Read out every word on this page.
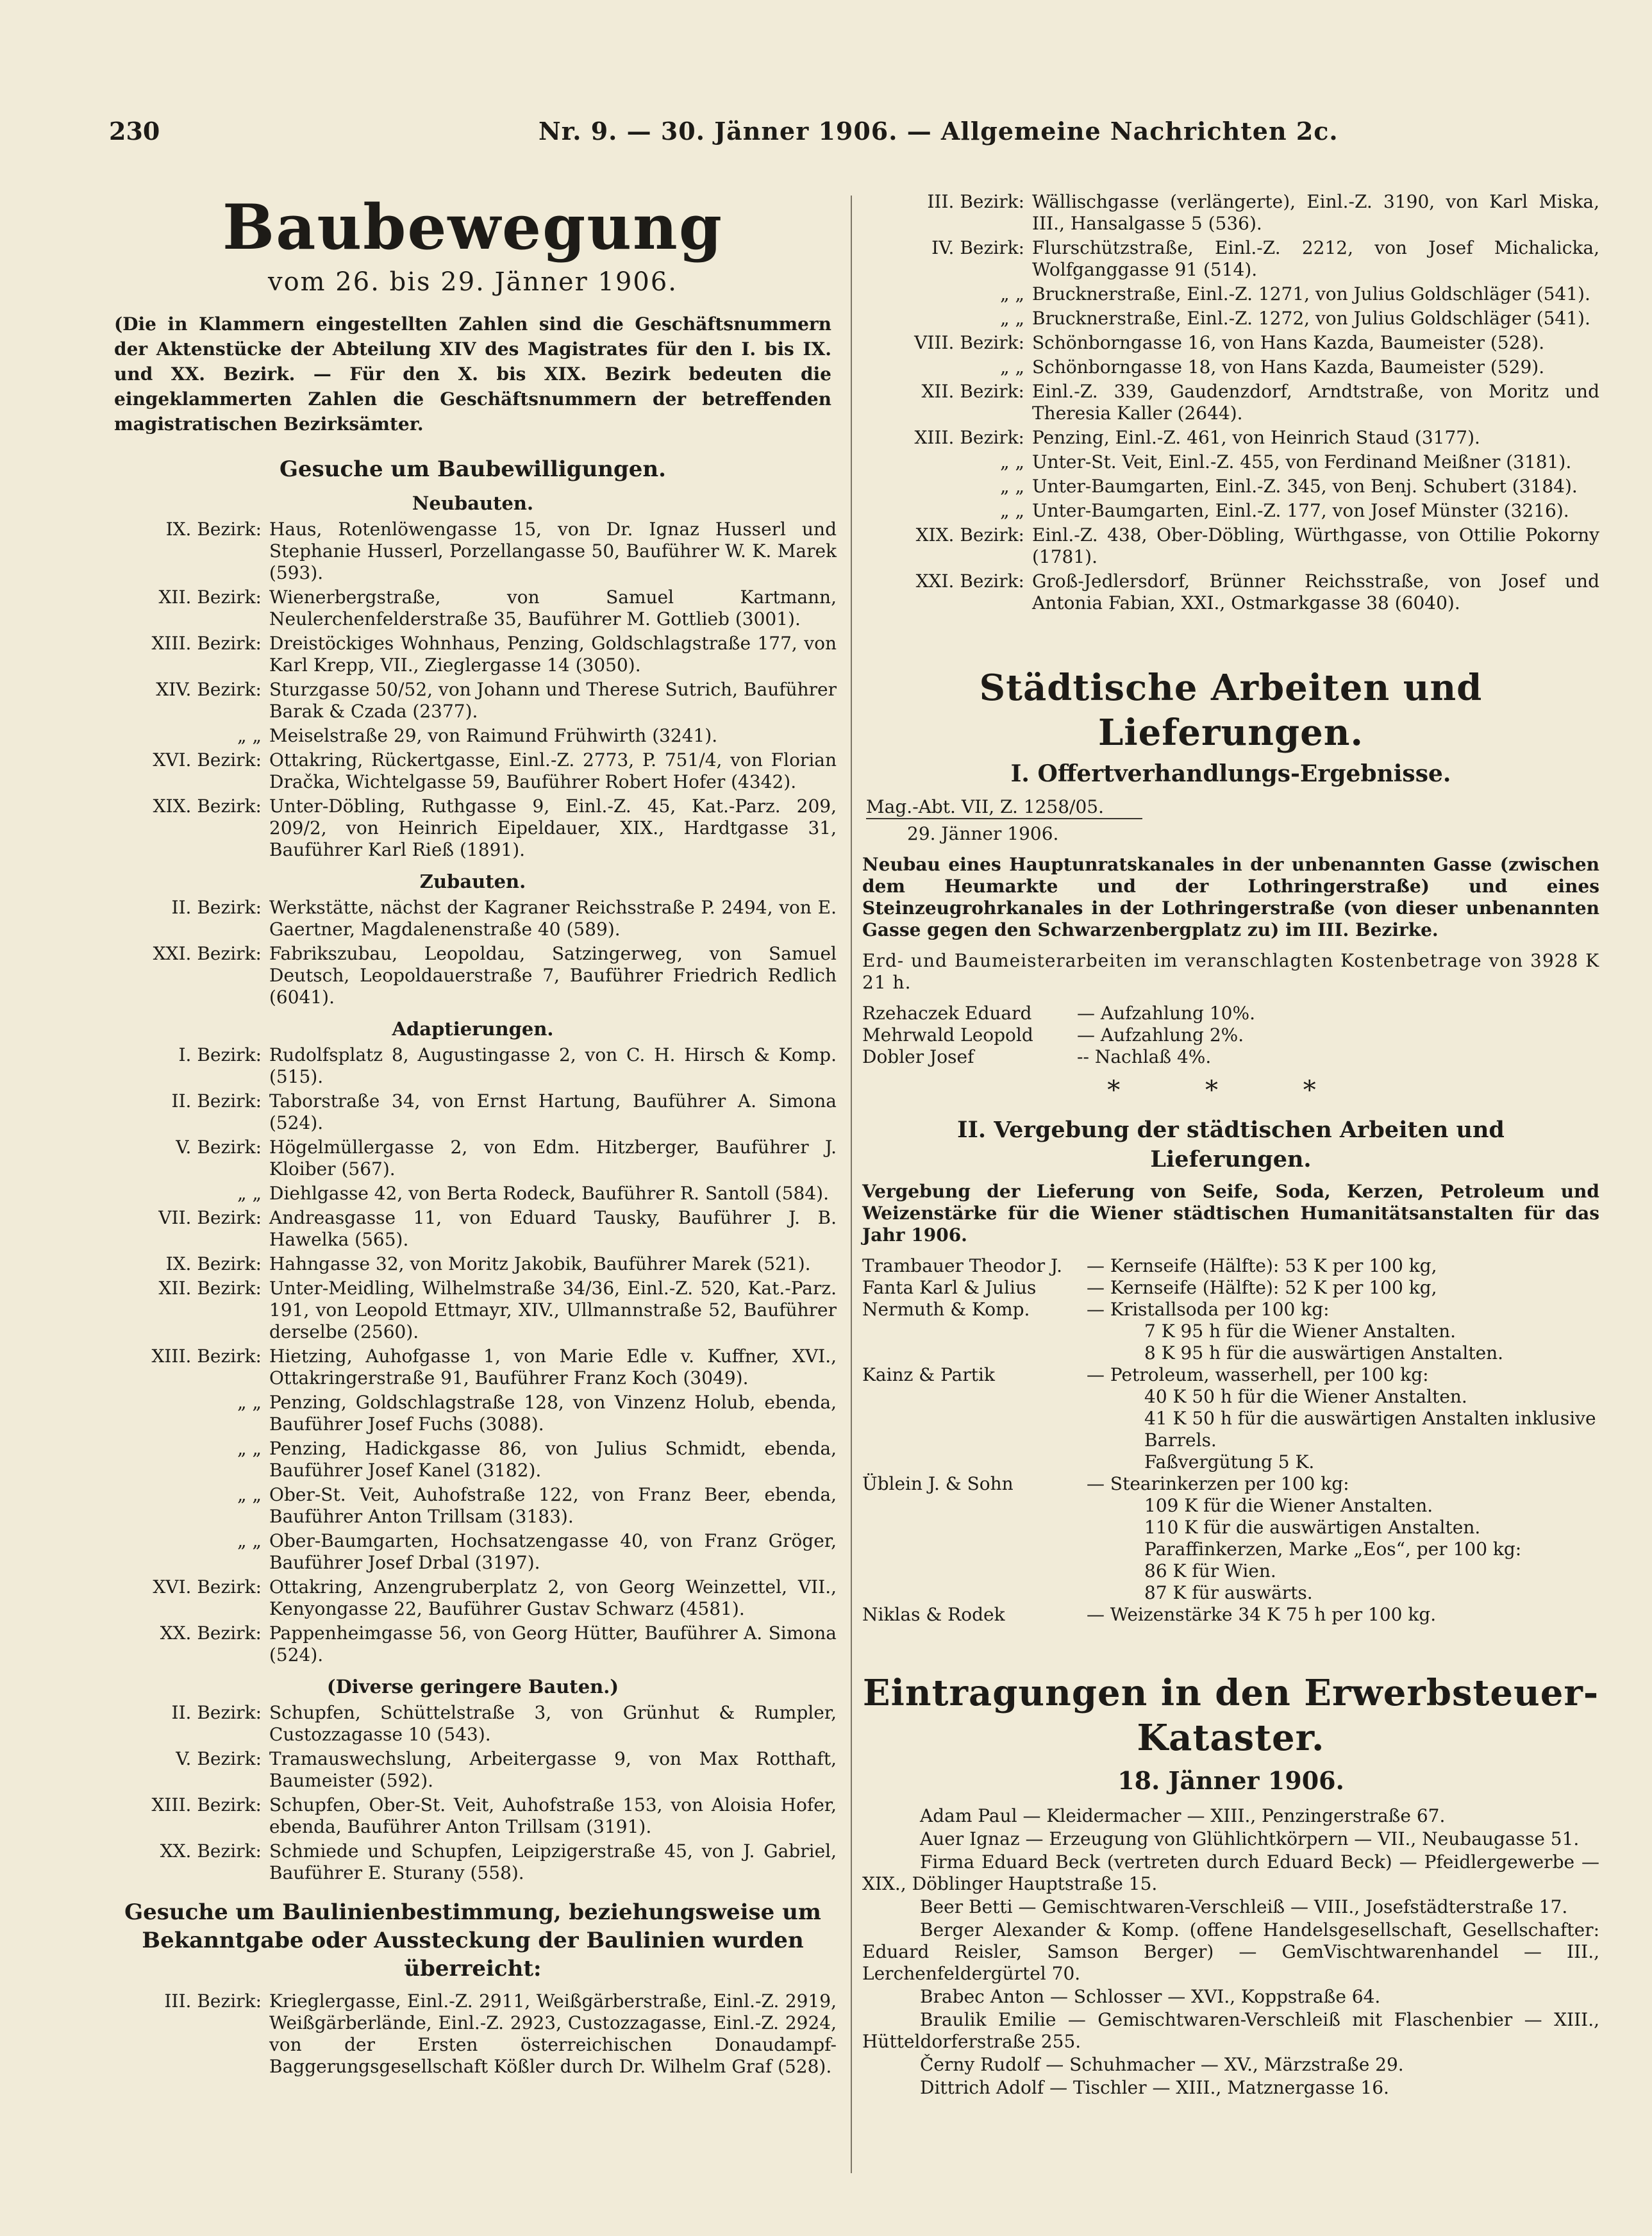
230	Nr. 9. — 30. Jänner 1906. — Allgemeine Nachrichten 2c.
Baubewegung
vom 26. bis 29. Jänner 1906.
(Die in Klammern eingestellten Zahlen sind die Geschäftsnummern der Aktenstücke der Abteilung XIV des Magistrates für den I. bis IX. und XX. Bezirk. — Für den X. bis XIX. Bezirk bedeuten die eingeklammerten Zahlen die Geschäftsnummern der betreffenden magistratischen Bezirksämter.
Gesuche um Baubewilligungen.
Neubauten.
IX. Bezirk: Haus, Rotenlöwengasse 15, von Dr. Ignaz Husserl und Stephanie Husserl, Porzellangasse 50, Bauführer W. K. Marek (593).
XII. Bezirk: Wienerbergstraße, von Samuel Kartmann, Neulerchenfelderstraße 35, Bauführer M. Gottlieb (3001).
XIII. Bezirk: Dreistöckiges Wohnhaus, Penzing, Goldschlagstraße 177, von Karl Krepp, VII., Zieglergasse 14 (3050).
XIV. Bezirk: Sturzgasse 50/52, von Johann und Therese Sutrich, Bauführer Barak & Czada (2377).
„ „ Meiselstraße 29, von Raimund Frühwirth (3241).
XVI. Bezirk: Ottakring, Rückertgasse, Einl.-Z. 2773, P. 751/4, von Florian Dračka, Wichtelgasse 59, Bauführer Robert Hofer (4342).
XIX. Bezirk: Unter-Döbling, Ruthgasse 9, Einl.-Z. 45, Kat.-Parz. 209, 209/2, von Heinrich Eipeldauer, XIX., Hardtgasse 31, Bauführer Karl Rieß (1891).
Zubauten.
II. Bezirk: Werkstätte, nächst der Kagraner Reichsstraße P. 2494, von E. Gaertner, Magdalenenstraße 40 (589).
XXI. Bezirk: Fabrikszubau, Leopoldau, Satzingerweg, von Samuel Deutsch, Leopoldauerstraße 7, Bauführer Friedrich Redlich (6041).
Adaptierungen.
I. Bezirk: Rudolfsplatz 8, Augustingasse 2, von C. H. Hirsch & Komp. (515).
II. Bezirk: Taborstraße 34, von Ernst Hartung, Bauführer A. Simona (524).
V. Bezirk: Högelmüllergasse 2, von Edm. Hitzberger, Bauführer J. Kloiber (567).
„ „ Diehlgasse 42, von Berta Rodeck, Bauführer R. Santoll (584).
VII. Bezirk: Andreasgasse 11, von Eduard Tausky, Bauführer J. B. Hawelka (565).
IX. Bezirk: Hahngasse 32, von Moritz Jakobik, Bauführer Marek (521).
XII. Bezirk: Unter-Meidling, Wilhelmstraße 34/36, Einl.-Z. 520, Kat.-Parz. 191, von Leopold Ettmayr, XIV., Ullmannstraße 52, Bauführer derselbe (2560).
XIII. Bezirk: Hietzing, Auhofgasse 1, von Marie Edle v. Kuffner, XVI., Ottakringerstraße 91, Bauführer Franz Koch (3049).
„ „ Penzing, Goldschlagstraße 128, von Vinzenz Holub, ebenda, Bauführer Josef Fuchs (3088).
„ „ Penzing, Hadickgasse 86, von Julius Schmidt, ebenda, Bauführer Josef Kanel (3182).
„ „ Ober-St. Veit, Auhofstraße 122, von Franz Beer, ebenda, Bauführer Anton Trillsam (3183).
„ „ Ober-Baumgarten, Hochsatzengasse 40, von Franz Gröger, Bauführer Josef Drbal (3197).
XVI. Bezirk: Ottakring, Anzengruberplatz 2, von Georg Weinzettel, VII., Kenyongasse 22, Bauführer Gustav Schwarz (4581).
XX. Bezirk: Pappenheimgasse 56, von Georg Hütter, Bauführer A. Simona (524).
(Diverse geringere Bauten.)
II. Bezirk: Schupfen, Schüttelstraße 3, von Grünhut & Rumpler, Custozzagasse 10 (543).
V. Bezirk: Tramauswechslung, Arbeitergasse 9, von Max Rotthaft, Baumeister (592).
XIII. Bezirk: Schupfen, Ober-St. Veit, Auhofstraße 153, von Aloisia Hofer, ebenda, Bauführer Anton Trillsam (3191).
XX. Bezirk: Schmiede und Schupfen, Leipzigerstraße 45, von J. Gabriel, Bauführer E. Sturany (558).
Gesuche um Baulinienbestimmung, beziehungsweise um Bekanntgabe oder Aussteckung der Baulinien wurden überreicht:
III. Bezirk: Krieglergasse, Einl.-Z. 2911, Weißgärberstraße, Einl.-Z. 2919, Weißgärberlände, Einl.-Z. 2923, Custozzagasse, Einl.-Z. 2924, von der Ersten österreichischen Donaudampf-Baggerungsgesellschaft Kößler durch Dr. Wilhelm Graf (528).
III. Bezirk: Wällischgasse (verlängerte), Einl.-Z. 3190, von Karl Miska, III., Hansalgasse 5 (536).
IV. Bezirk: Flurschützstraße, Einl.-Z. 2212, von Josef Michalicka, Wolfganggasse 91 (514).
„ „ Brucknerstraße, Einl.-Z. 1271, von Julius Goldschläger (541).
„ „ Brucknerstraße, Einl.-Z. 1272, von Julius Goldschläger (541).
VIII. Bezirk: Schönborngasse 16, von Hans Kazda, Baumeister (528).
„ „ Schönborngasse 18, von Hans Kazda, Baumeister (529).
XII. Bezirk: Einl.-Z. 339, Gaudenzdorf, Arndtstraße, von Moritz und Theresia Kaller (2644).
XIII. Bezirk: Penzing, Einl.-Z. 461, von Heinrich Staud (3177).
„ „ Unter-St. Veit, Einl.-Z. 455, von Ferdinand Meißner (3181).
„ „ Unter-Baumgarten, Einl.-Z. 345, von Benj. Schubert (3184).
„ „ Unter-Baumgarten, Einl.-Z. 177, von Josef Münster (3216).
XIX. Bezirk: Einl.-Z. 438, Ober-Döbling, Würthgasse, von Ottilie Pokorny (1781).
XXI. Bezirk: Groß-Jedlersdorf, Brünner Reichsstraße, von Josef und Antonia Fabian, XXI., Ostmarkgasse 38 (6040).
Städtische Arbeiten und Lieferungen.
I. Offertverhandlungs-Ergebnisse.
Mag.-Abt. VII, Z. 1258/05.
29. Jänner 1906.
Neubau eines Hauptunratskanales in der unbenannten Gasse (zwischen dem Heumarkte und der Lothringerstraße) und eines Steinzeugrohrkanales in der Lothringerstraße (von dieser unbenannten Gasse gegen den Schwarzenbergplatz zu) im III. Bezirke.
Erd- und Baumeisterarbeiten im veranschlagten Kostenbetrage von 3928 K 21 h.
Rzehaczek Eduard	— Aufzahlung 10%.
Mehrwald Leopold	— Aufzahlung 2%.
Dobler Josef	-- Nachlaß 4%.
* * *
II. Vergebung der städtischen Arbeiten und Lieferungen.
Vergebung der Lieferung von Seife, Soda, Kerzen, Petroleum und Weizenstärke für die Wiener städtischen Humanitätsanstalten für das Jahr 1906.
Trambauer Theodor J.	— Kernseife (Hälfte): 53 K per 100 kg,
Fanta Karl & Julius	— Kernseife (Hälfte): 52 K per 100 kg,
Nermuth & Komp.	— Kristallsoda per 100 kg:
7 K 95 h für die Wiener Anstalten.
8 K 95 h für die auswärtigen Anstalten.
Kainz & Partik	— Petroleum, wasserhell, per 100 kg:
40 K 50 h für die Wiener Anstalten.
41 K 50 h für die auswärtigen Anstalten inklusive Barrels.
Faßvergütung 5 K.
Üblein J. & Sohn	— Stearinkerzen per 100 kg:
109 K für die Wiener Anstalten.
110 K für die auswärtigen Anstalten.
Paraffinkerzen, Marke „Eos“, per 100 kg:
86 K für Wien.
87 K für auswärts.
Niklas & Rodek	— Weizenstärke 34 K 75 h per 100 kg.
Eintragungen in den Erwerbsteuer-Kataster.
18. Jänner 1906.
Adam Paul — Kleidermacher — XIII., Penzingerstraße 67.
Auer Ignaz — Erzeugung von Glühlichtkörpern — VII., Neubaugasse 51.
Firma Eduard Beck (vertreten durch Eduard Beck) — Pfeidlergewerbe — XIX., Döblinger Hauptstraße 15.
Beer Betti — Gemischtwaren-Verschleiß — VIII., Josefstädterstraße 17.
Berger Alexander & Komp. (offene Handelsgesellschaft, Gesellschafter: Eduard Reisler, Samson Berger) — GemVischtwarenhandel — III., Lerchenfeldergürtel 70.
Brabec Anton — Schlosser — XVI., Koppstraße 64.
Braulik Emilie — Gemischtwaren-Verschleiß mit Flaschenbier — XIII., Hütteldorferstraße 255.
Černy Rudolf — Schuhmacher — XV., Märzstraße 29.
Dittrich Adolf — Tischler — XIII., Matznergasse 16.
